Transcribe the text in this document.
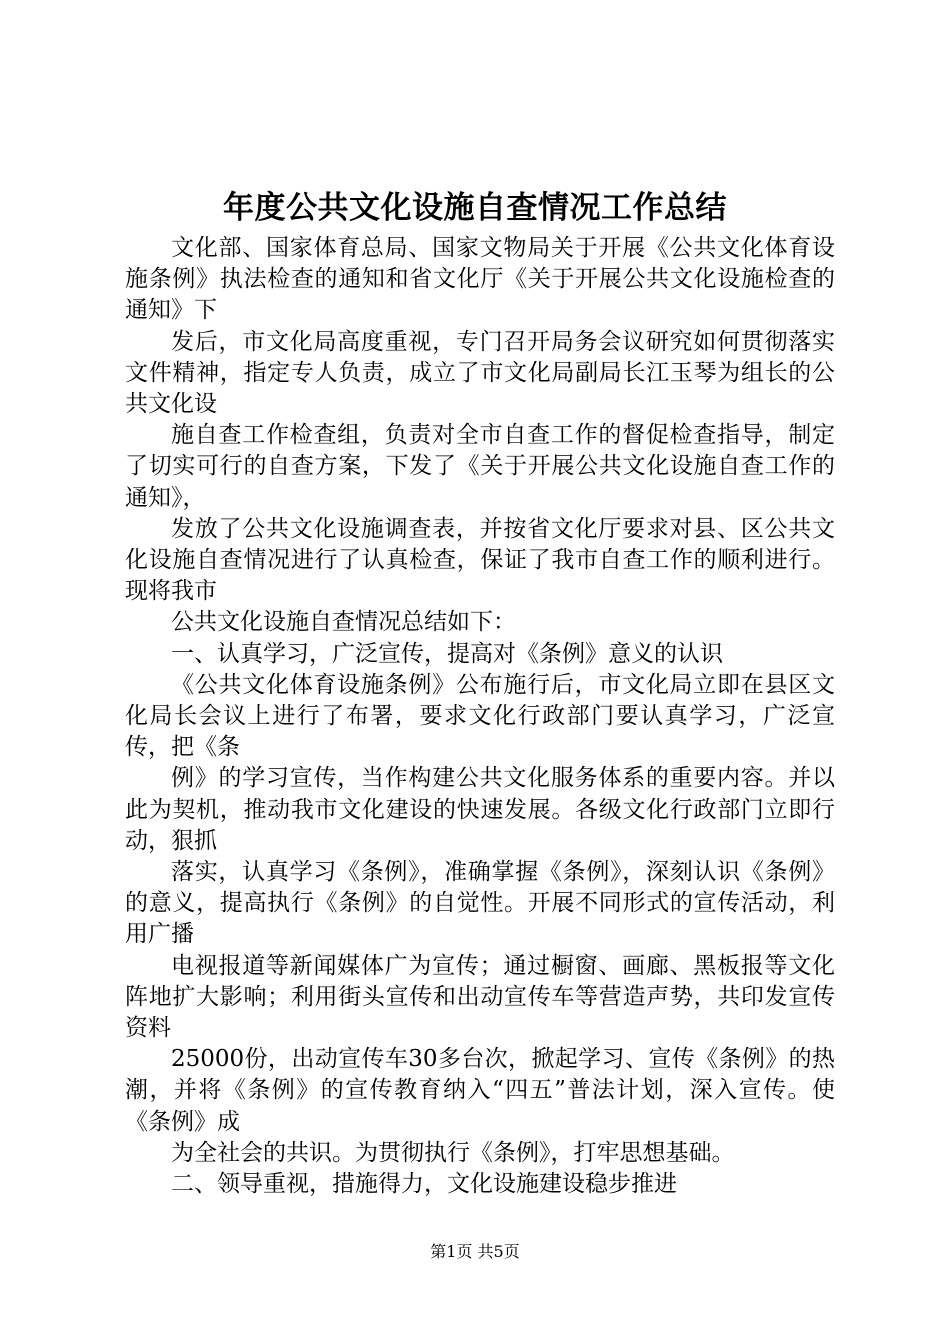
年度公共文化设施自查情况工作总结

文化部、国家体育总局、国家文物局关于开展《公共文化体育设施条例》执法检查的通知和省文化厅《关于开展公共文化设施检查的通知》下

发后，市文化局高度重视，专门召开局务会议研究如何贯彻落实文件精神，指定专人负责，成立了市文化局副局长江玉琴为组长的公共文化设

施自查工作检查组，负责对全市自查工作的督促检查指导，制定了切实可行的自查方案，下发了《关于开展公共文化设施自查工作的通知》，

发放了公共文化设施调查表，并按省文化厅要求对县、区公共文化设施自查情况进行了认真检查，保证了我市自查工作的顺利进行。现将我市

公共文化设施自查情况总结如下：

一、认真学习，广泛宣传，提高对《条例》意义的认识

《公共文化体育设施条例》公布施行后，市文化局立即在县区文化局长会议上进行了布署，要求文化行政部门要认真学习，广泛宣传，把《条

例》的学习宣传，当作构建公共文化服务体系的重要内容。并以此为契机，推动我市文化建设的快速发展。各级文化行政部门立即行动，狠抓

落实，认真学习《条例》，准确掌握《条例》，深刻认识《条例》的意义，提高执行《条例》的自觉性。开展不同形式的宣传活动，利用广播

电视报道等新闻媒体广为宣传；通过橱窗、画廊、黑板报等文化阵地扩大影响；利用街头宣传和出动宣传车等营造声势，共印发宣传资料

25000份，出动宣传车30多台次，掀起学习、宣传《条例》的热潮，并将《条例》的宣传教育纳入“四五”普法计划，深入宣传。使《条例》成

为全社会的共识。为贯彻执行《条例》，打牢思想基础。

二、领导重视，措施得力，文化设施建设稳步推进

第1页 共5页
